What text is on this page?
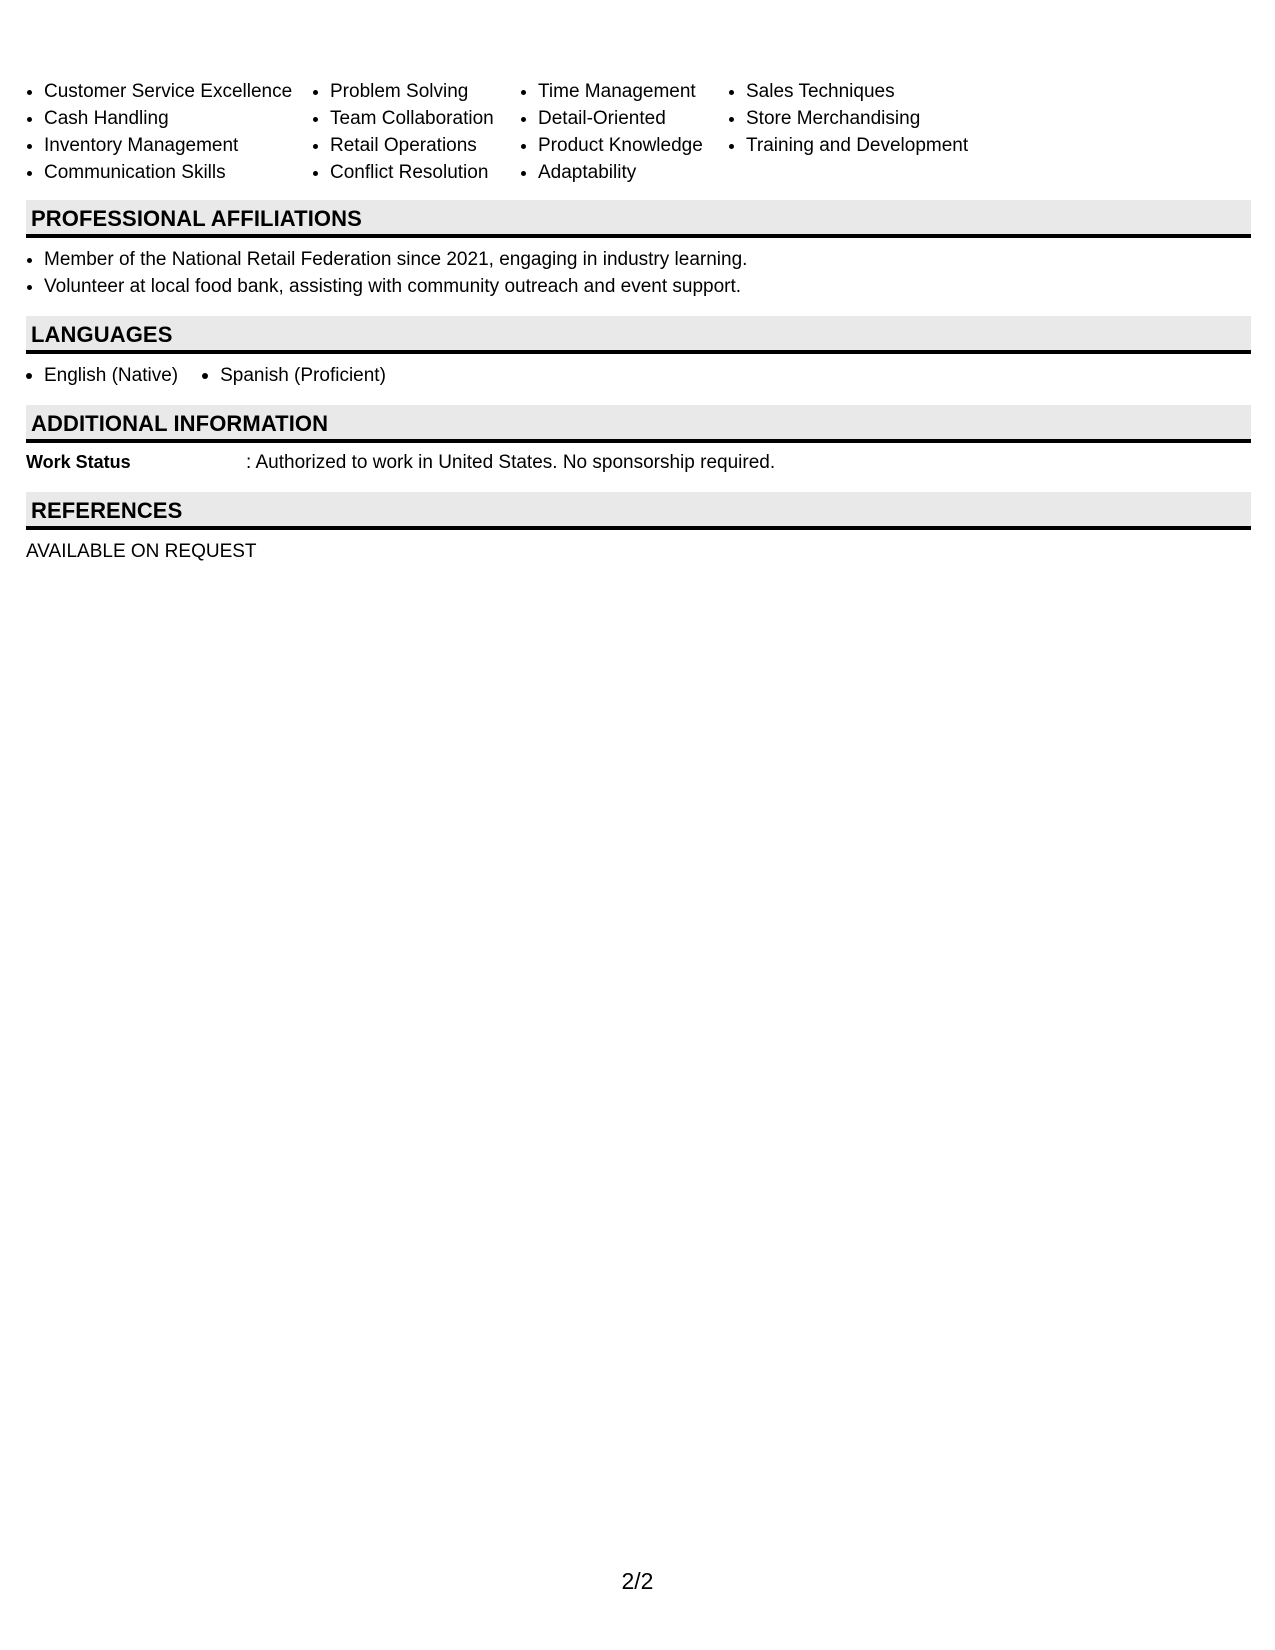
• Customer Service Excellence
• Cash Handling
• Inventory Management
• Communication Skills
• Problem Solving
• Team Collaboration
• Retail Operations
• Conflict Resolution
• Time Management
• Detail-Oriented
• Product Knowledge
• Adaptability
• Sales Techniques
• Store Merchandising
• Training and Development
PROFESSIONAL AFFILIATIONS
• Member of the National Retail Federation since 2021, engaging in industry learning.
• Volunteer at local food bank, assisting with community outreach and event support.
LANGUAGES
English (Native)	Spanish (Proficient)
ADDITIONAL INFORMATION
Work Status	: Authorized to work in United States. No sponsorship required.
REFERENCES
AVAILABLE ON REQUEST
2/2
